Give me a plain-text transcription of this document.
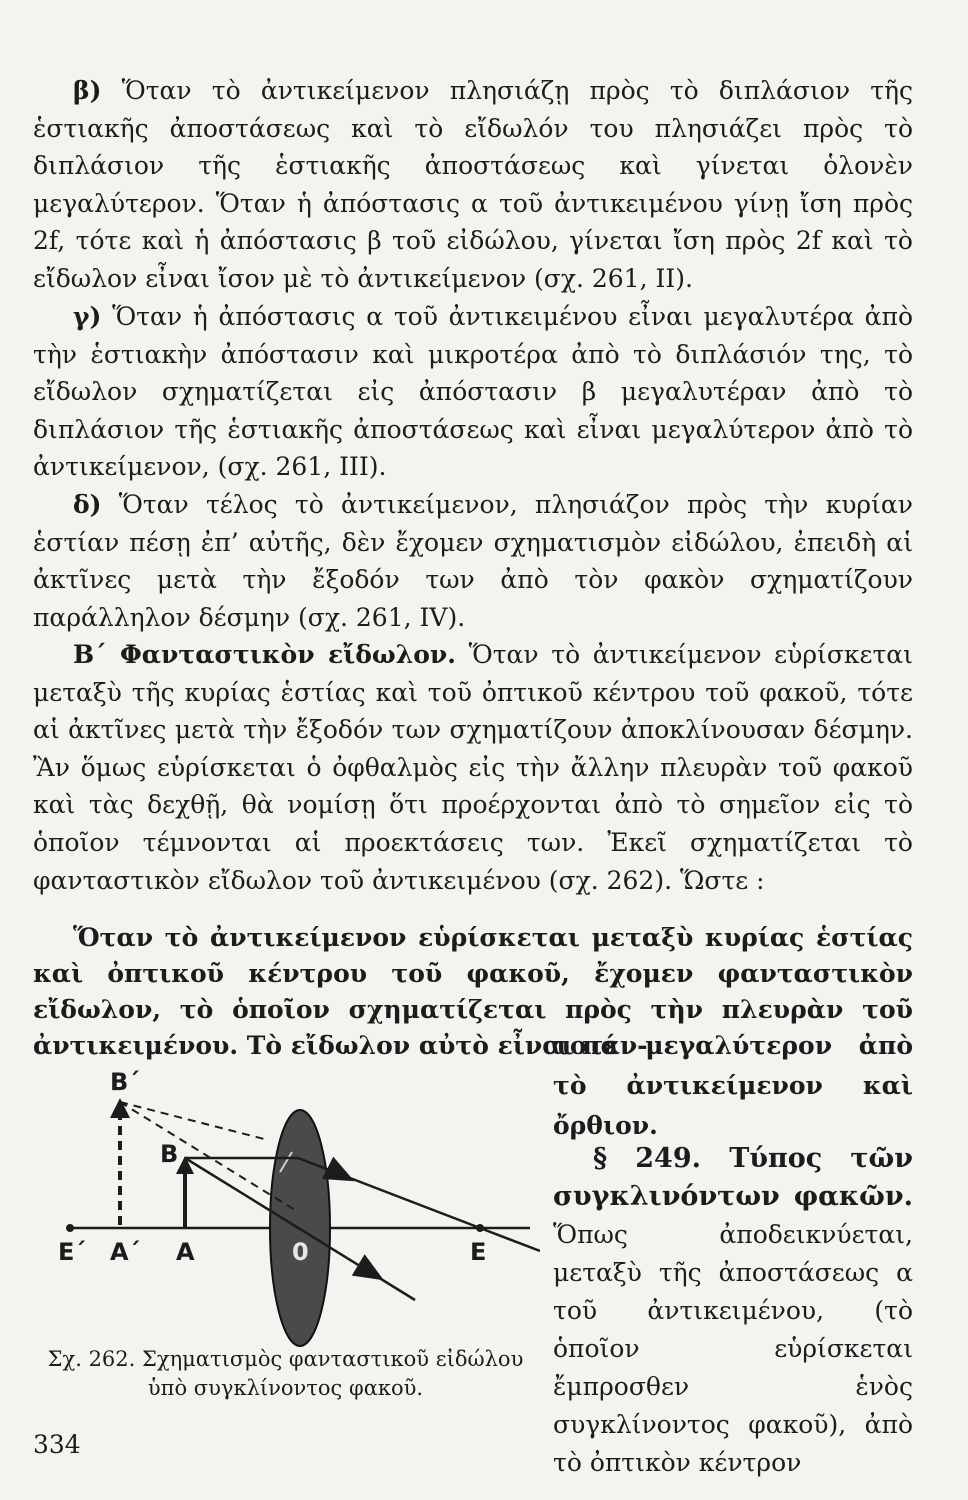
β) Ὅταν τὸ ἀντικείμενον πλησιάζῃ πρὸς τὸ διπλάσιον τῆς ἑστιακῆς ἀποστάσεως καὶ τὸ εἴδωλόν του πλησιάζει πρὸς τὸ διπλάσιον τῆς ἑστιακῆς ἀποστάσεως καὶ γίνεται ὁλονὲν μεγαλύτερον. Ὅταν ἡ ἀπόστασις α τοῦ ἀντικειμένου γίνῃ ἴση πρὸς 2f, τότε καὶ ἡ ἀπόστασις β τοῦ εἰδώλου, γίνεται ἴση πρὸς 2f καὶ τὸ εἴδωλον εἶναι ἴσον μὲ τὸ ἀντικείμενον (σχ. 261, II).

γ) Ὅταν ἡ ἀπόστασις α τοῦ ἀντικειμένου εἶναι μεγαλυτέρα ἀπὸ τὴν ἑστιακὴν ἀπόστασιν καὶ μικροτέρα ἀπὸ τὸ διπλάσιόν της, τὸ εἴδωλον σχηματίζεται εἰς ἀπόστασιν β μεγαλυτέραν ἀπὸ τὸ διπλάσιον τῆς ἑστιακῆς ἀποστάσεως καὶ εἶναι μεγαλύτερον ἀπὸ τὸ ἀντικείμενον, (σχ. 261, III).

δ) Ὅταν τέλος τὸ ἀντικείμενον, πλησιάζον πρὸς τὴν κυρίαν ἑστίαν πέσῃ ἐπ’ αὐτῆς, δὲν ἔχομεν σχηματισμὸν εἰδώλου, ἐπειδὴ αἱ ἀκτῖνες μετὰ τὴν ἔξοδόν των ἀπὸ τὸν φακὸν σχηματίζουν παράλληλον δέσμην (σχ. 261, IV).

Β΄ Φανταστικὸν εἴδωλον. Ὅταν τὸ ἀντικείμενον εὑρίσκεται μεταξὺ τῆς κυρίας ἑστίας καὶ τοῦ ὀπτικοῦ κέντρου τοῦ φακοῦ, τότε αἱ ἀκτῖνες μετὰ τὴν ἔξοδόν των σχηματίζουν ἀποκλίνουσαν δέσμην. Ἂν ὅμως εὑρίσκεται ὁ ὀφθαλμὸς εἰς τὴν ἄλλην πλευρὰν τοῦ φακοῦ καὶ τὰς δεχθῇ, θὰ νομίσῃ ὅτι προέρχονται ἀπὸ τὸ σημεῖον εἰς τὸ ὁποῖον τέμνονται αἱ προεκτάσεις των. Ἐκεῖ σχηματίζεται τὸ φανταστικὸν εἴδωλον τοῦ ἀντικειμένου (σχ. 262). Ὥστε :

Ὅταν τὸ ἀντικείμενον εὑρίσκεται μεταξὺ κυρίας ἑστίας καὶ ὀπτικοῦ κέντρου τοῦ φακοῦ, ἔχομεν φανταστικὸν εἴδωλον, τὸ ὁποῖον σχηματίζεται πρὸς τὴν πλευρὰν τοῦ ἀντικειμένου. Τὸ εἴδωλον αὐτὸ εἶναι πάν-

τοτε μεγαλύτερον ἀπὸ τὸ ἀντικείμενον καὶ ὄρθιον.

Β΄
Β
Ε΄ Α΄ Α	0	Ε

Σχ. 262. Σχηματισμὸς φανταστικοῦ εἰδώλου
ὑπὸ συγκλίνοντος φακοῦ.

§ 249. Τύπος τῶν συγκλινόντων φακῶν. Ὅπως ἀποδεικνύεται, μεταξὺ τῆς ἀποστάσεως α τοῦ ἀντικειμένου, (τὸ ὁποῖον εὑρίσκεται ἔμπροσθεν ἑνὸς συγκλίνοντος φακοῦ), ἀπὸ τὸ ὀπτικὸν κέντρον

334
